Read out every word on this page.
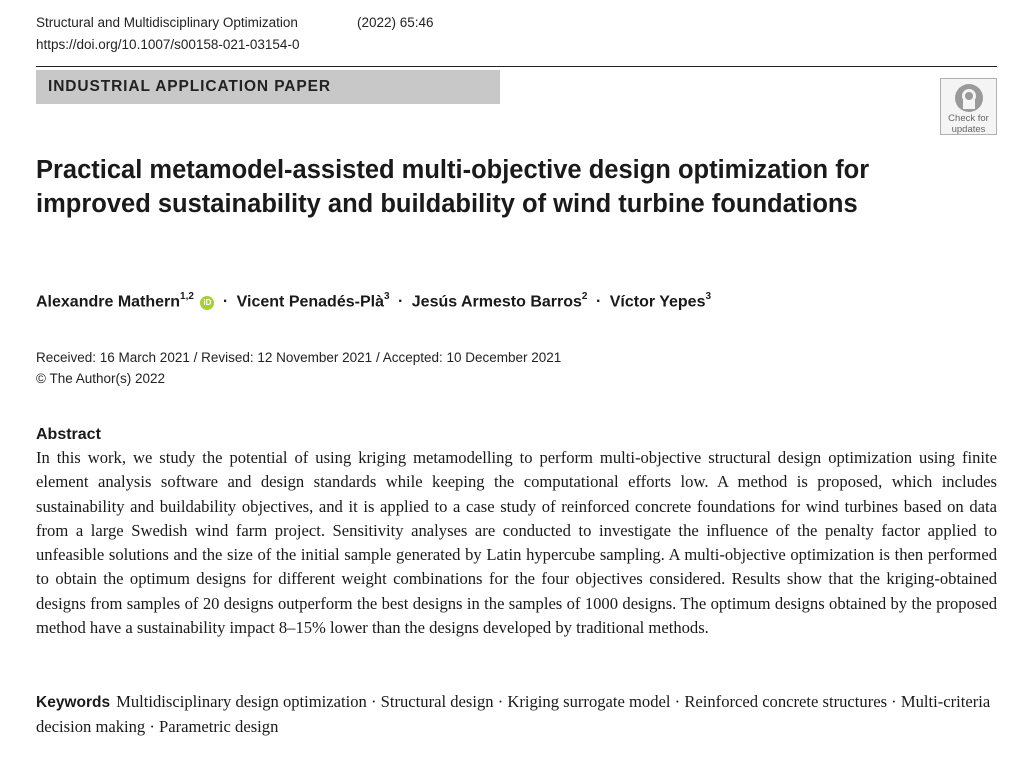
Structural and Multidisciplinary Optimization	(2022) 65:46
https://doi.org/10.1007/s00158-021-03154-0
INDUSTRIAL APPLICATION PAPER
Check for
updates
Practical metamodel-assisted multi-objective design optimization for improved sustainability and buildability of wind turbine foundations
Alexandre Mathern$^{1,2}$ iD · Vicent Penadés-Plà$^3$ · Jesús Armesto Barros$^2$ · Víctor Yepes$^3$
Received: 16 March 2021 / Revised: 12 November 2021 / Accepted: 10 December 2021
© The Author(s) 2022
Abstract

In this work, we study the potential of using kriging metamodelling to perform multi-objective structural design optimization using finite element analysis software and design standards while keeping the computational efforts low. A method is proposed, which includes sustainability and buildability objectives, and it is applied to a case study of reinforced concrete foundations for wind turbines based on data from a large Swedish wind farm project. Sensitivity analyses are conducted to investigate the influence of the penalty factor applied to unfeasible solutions and the size of the initial sample generated by Latin hypercube sampling. A multi-objective optimization is then performed to obtain the optimum designs for different weight combinations for the four objectives considered. Results show that the kriging-obtained designs from samples of 20 designs outperform the best designs in the samples of 1000 designs. The optimum designs obtained by the proposed method have a sustainability impact 8–15% lower than the designs developed by traditional methods.

Keywords Multidisciplinary design optimization · Structural design · Kriging surrogate model · Reinforced concrete structures · Multi-criteria decision making · Parametric design
